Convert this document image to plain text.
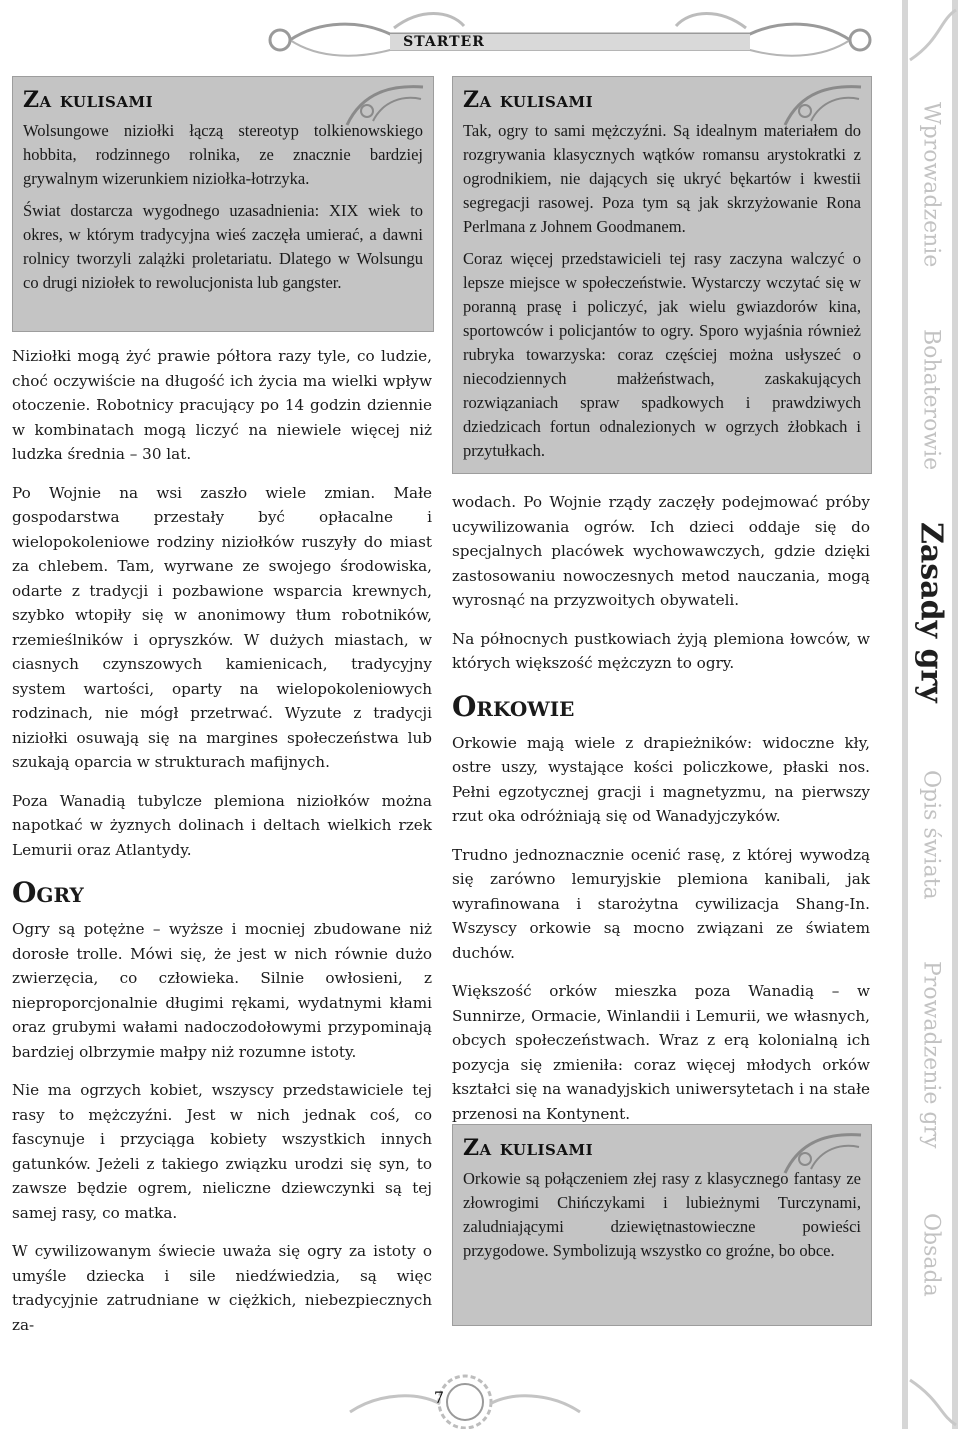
STARTER
Wprowadzenie
Bohaterowie
Zasady gry
Opis świata
Prowadzenie gry
Obsada
Za kulisami

Wolsungowe niziołki łączą stereotyp tolkienowskiego hobbita, rodzinnego rolnika, ze znacznie bardziej grywalnym wizerunkiem niziołka-łotrzyka.

Świat dostarcza wygodnego uzasadnienia: XIX wiek to okres, w którym tradycyjna wieś zaczęła umierać, a dawni rolnicy tworzyli zalążki proletariatu. Dlatego w Wolsungu co drugi niziołek to rewolucjonista lub gangster.

Niziołki mogą żyć prawie półtora razy tyle, co ludzie, choć oczywiście na długość ich życia ma wielki wpływ otoczenie. Robotnicy pracujący po 14 godzin dziennie w kombinatach mogą liczyć na niewiele więcej niż ludzka średnia – 30 lat.

Po Wojnie na wsi zaszło wiele zmian. Małe gospodarstwa przestały być opłacalne i wielopokoleniowe rodziny niziołków ruszyły do miast za chlebem. Tam, wyrwane ze swojego środowiska, odarte z tradycji i pozbawione wsparcia krewnych, szybko wtopiły się w anonimowy tłum robotników, rzemieślników i opryszków. W dużych miastach, w ciasnych czynszowych kamienicach, tradycyjny system wartości, oparty na wielopokoleniowych rodzinach, nie mógł przetrwać. Wyzute z tradycji niziołki osuwają się na margines społeczeństwa lub szukają oparcia w strukturach mafijnych.

Poza Wanadią tubylcze plemiona niziołków można napotkać w żyznych dolinach i deltach wielkich rzek Lemurii oraz Atlantydy.

Ogry

Ogry są potężne – wyższe i mocniej zbudowane niż dorosłe trolle. Mówi się, że jest w nich równie dużo zwierzęcia, co człowieka. Silnie owłosieni, z nieproporcjonalnie długimi rękami, wydatnymi kłami oraz grubymi wałami nadoczodołowymi przypominają bardziej olbrzymie małpy niż rozumne istoty.

Nie ma ogrzych kobiet, wszyscy przedstawiciele tej rasy to mężczyźni. Jest w nich jednak coś, co fascynuje i przyciąga kobiety wszystkich innych gatunków. Jeżeli z takiego związku urodzi się syn, to zawsze będzie ogrem, nieliczne dziewczynki są tej samej rasy, co matka.

W cywilizowanym świecie uważa się ogry za istoty o umyśle dziecka i sile niedźwiedzia, są więc tradycyjnie zatrudniane w ciężkich, niebezpiecznych za-

Za kulisami

Tak, ogry to sami mężczyźni. Są idealnym materiałem do rozgrywania klasycznych wątków romansu arystokratki z ogrodnikiem, nie dających się ukryć bękartów i kwestii segregacji rasowej. Poza tym są jak skrzyżowanie Rona Perlmana z Johnem Goodmanem.

Coraz więcej przedstawicieli tej rasy zaczyna walczyć o lepsze miejsce w społeczeństwie. Wystarczy wczytać się w poranną prasę i policzyć, jak wielu gwiazdorów kina, sportowców i policjantów to ogry. Sporo wyjaśnia również rubryka towarzyska: coraz częściej można usłyszeć o niecodziennych małżeństwach, zaskakujących rozwiązaniach spraw spadkowych i prawdziwych dziedzicach fortun odnalezionych w ogrzych żłobkach i przytułkach.

wodach. Po Wojnie rządy zaczęły podejmować próby ucywilizowania ogrów. Ich dzieci oddaje się do specjalnych placówek wychowawczych, gdzie dzięki zastosowaniu nowoczesnych metod nauczania, mogą wyrosnąć na przyzwoitych obywateli.

Na północnych pustkowiach żyją plemiona łowców, w których większość mężczyzn to ogry.

Orkowie

Orkowie mają wiele z drapieżników: widoczne kły, ostre uszy, wystające kości policzkowe, płaski nos. Pełni egzotycznej gracji i magnetyzmu, na pierwszy rzut oka odróżniają się od Wanadyjczyków.

Trudno jednoznacznie ocenić rasę, z której wywodzą się zarówno lemuryjskie plemiona kanibali, jak wyrafinowana i starożytna cywilizacja Shang-In. Wszyscy orkowie są mocno związani ze światem duchów.

Większość orków mieszka poza Wanadią – w Sunnirze, Ormacie, Winlandii i Lemurii, we własnych, obcych społeczeństwach. Wraz z erą kolonialną ich pozycja się zmieniła: coraz więcej młodych orków kształci się na wanadyjskich uniwersytetach i na stałe przenosi na Kontynent.

Za kulisami

Orkowie są połączeniem złej rasy z klasycznego fantasy ze złowrogimi Chińczykami i lubieżnymi Turczynami, zaludniającymi dziewiętnastowieczne powieści przygodowe. Symbolizują wszystko co groźne, bo obce.

7
